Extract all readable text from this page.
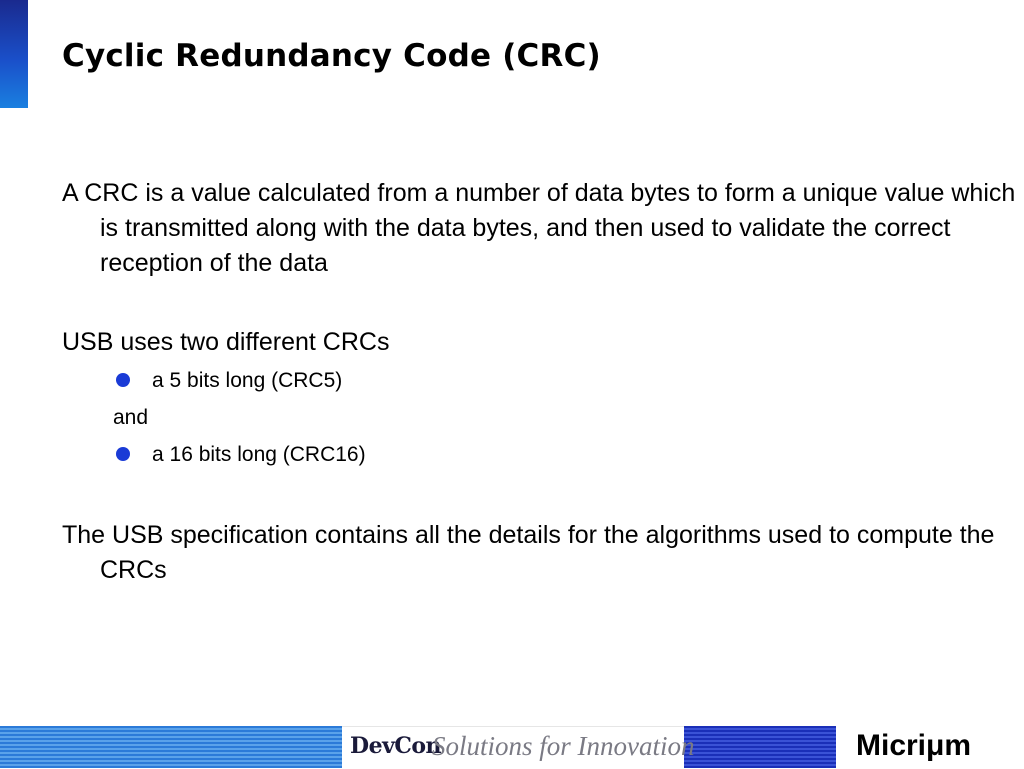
Cyclic Redundancy Code (CRC)
A CRC is a value calculated from a number of data bytes to form a unique value which is transmitted along with the data bytes, and then used to validate the correct reception of the data
USB uses two different CRCs
a 5 bits long (CRC5)
and
a 16 bits long (CRC16)
The USB specification contains all the details for the algorithms used to compute the CRCs
DevCon
Solutions for Innovation	Micriμm
